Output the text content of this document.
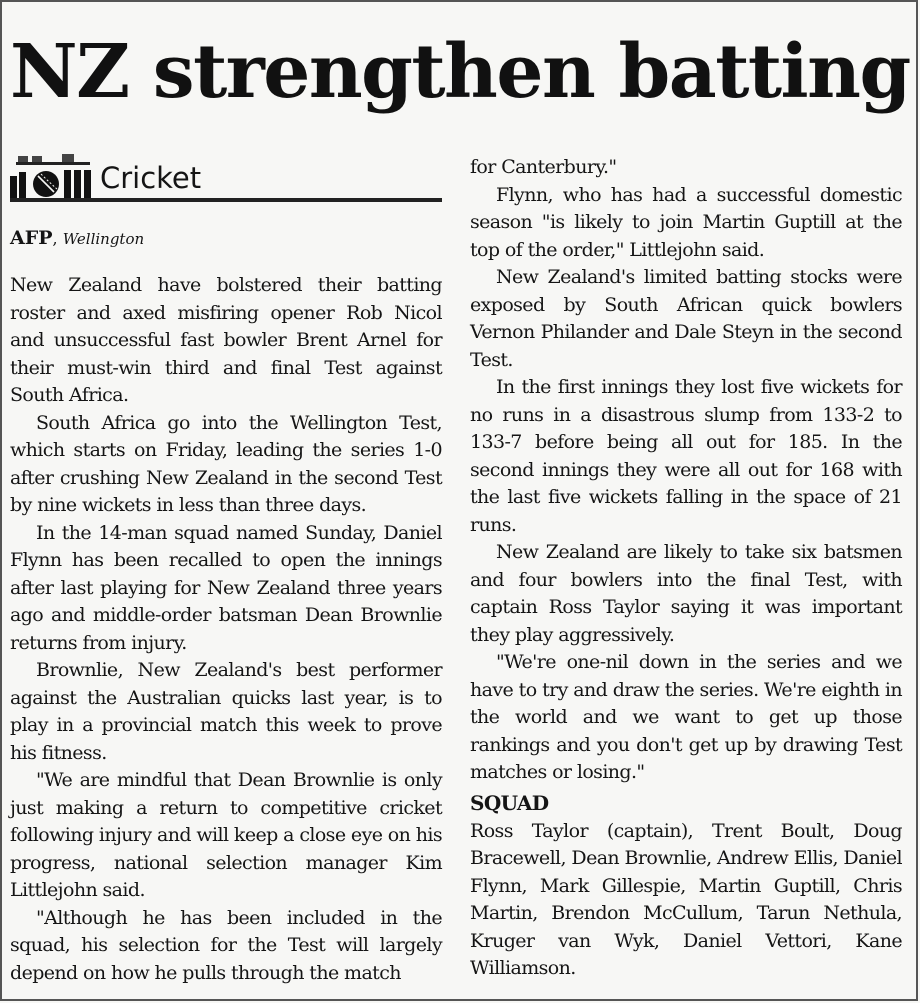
NZ strengthen batting
Cricket
AFP, Wellington

New Zealand have bolstered their batting roster and axed misfiring opener Rob Nicol and unsuccessful fast bowler Brent Arnel for their must-win third and final Test against South Africa.

South Africa go into the Wellington Test, which starts on Friday, leading the series 1-0 after crushing New Zealand in the second Test by nine wickets in less than three days.

In the 14-man squad named Sunday, Daniel Flynn has been recalled to open the innings after last playing for New Zealand three years ago and middle-order batsman Dean Brownlie returns from injury.

Brownlie, New Zealand's best performer against the Australian quicks last year, is to play in a provincial match this week to prove his fitness.

"We are mindful that Dean Brownlie is only just making a return to competitive cricket following injury and will keep a close eye on his progress, national selection manager Kim Littlejohn said.

"Although he has been included in the squad, his selection for the Test will largely depend on how he pulls through the match

for Canterbury."

Flynn, who has had a successful domestic season "is likely to join Martin Guptill at the top of the order," Littlejohn said.

New Zealand's limited batting stocks were exposed by South African quick bowlers Vernon Philander and Dale Steyn in the second Test.

In the first innings they lost five wickets for no runs in a disastrous slump from 133-2 to 133-7 before being all out for 185. In the second innings they were all out for 168 with the last five wickets falling in the space of 21 runs.

New Zealand are likely to take six batsmen and four bowlers into the final Test, with captain Ross Taylor saying it was important they play aggressively.

"We're one-nil down in the series and we have to try and draw the series. We're eighth in the world and we want to get up those rankings and you don't get up by drawing Test matches or losing."

SQUAD

Ross Taylor (captain), Trent Boult, Doug Bracewell, Dean Brownlie, Andrew Ellis, Daniel Flynn, Mark Gillespie, Martin Guptill, Chris Martin, Brendon McCullum, Tarun Nethula, Kruger van Wyk, Daniel Vettori, Kane Williamson.
